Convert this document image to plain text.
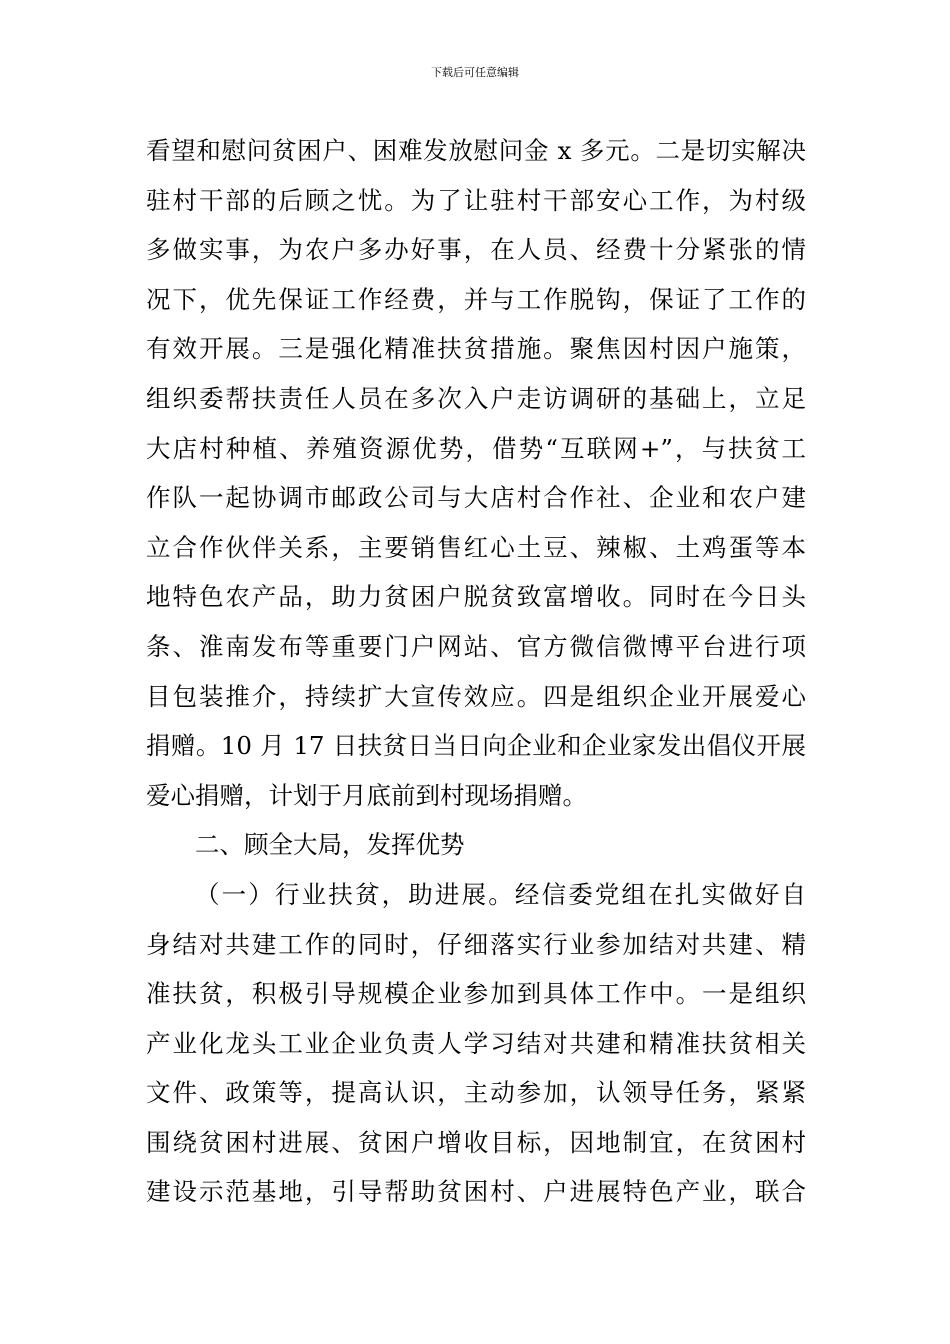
下载后可任意编辑
看望和慰问贫困户、困难发放慰问金 x 多元。二是切实解决
驻村干部的后顾之忧。为了让驻村干部安心工作，为村级
多做实事，为农户多办好事，在人员、经费十分紧张的情
况下，优先保证工作经费，并与工作脱钩，保证了工作的
有效开展。三是强化精准扶贫措施。聚焦因村因户施策，
组织委帮扶责任人员在多次入户走访调研的基础上，立足
大店村种植、养殖资源优势，借势“互联网+”，与扶贫工
作队一起协调市邮政公司与大店村合作社、企业和农户建
立合作伙伴关系，主要销售红心土豆、辣椒、土鸡蛋等本
地特色农产品，助力贫困户脱贫致富增收。同时在今日头
条、淮南发布等重要门户网站、官方微信微博平台进行项
目包装推介，持续扩大宣传效应。四是组织企业开展爱心
捐赠。10 月 17 日扶贫日当日向企业和企业家发出倡仪开展
爱心捐赠，计划于月底前到村现场捐赠。
二、顾全大局，发挥优势
（一）行业扶贫，助进展。经信委党组在扎实做好自
身结对共建工作的同时，仔细落实行业参加结对共建、精
准扶贫，积极引导规模企业参加到具体工作中。一是组织
产业化龙头工业企业负责人学习结对共建和精准扶贫相关
文件、政策等，提高认识，主动参加，认领导任务，紧紧
围绕贫困村进展、贫困户增收目标，因地制宜，在贫困村
建设示范基地，引导帮助贫困村、户进展特色产业，联合
